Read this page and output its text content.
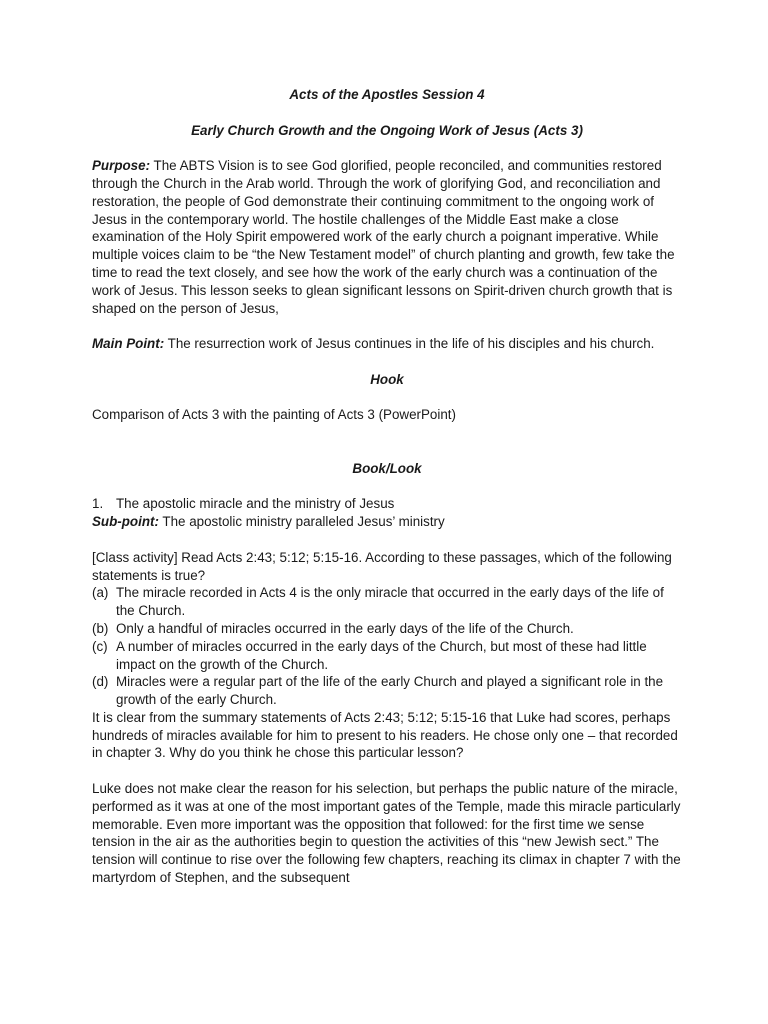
Acts of the Apostles Session 4

Early Church Growth and the Ongoing Work of Jesus (Acts 3)

Purpose: The ABTS Vision is to see God glorified, people reconciled, and communities restored through the Church in the Arab world. Through the work of glorifying God, and reconciliation and restoration, the people of God demonstrate their continuing commitment to the ongoing work of Jesus in the contemporary world. The hostile challenges of the Middle East make a close examination of the Holy Spirit empowered work of the early church a poignant imperative. While multiple voices claim to be “the New Testament model” of church planting and growth, few take the time to read the text closely, and see how the work of the early church was a continuation of the work of Jesus. This lesson seeks to glean significant lessons on Spirit-driven church growth that is shaped on the person of Jesus,

Main Point: The resurrection work of Jesus continues in the life of his disciples and his church.

Hook

Comparison of Acts 3 with the painting of Acts 3 (PowerPoint)

Book/Look

1. The apostolic miracle and the ministry of Jesus

Sub-point: The apostolic ministry paralleled Jesus’ ministry

[Class activity] Read Acts 2:43; 5:12; 5:15-16. According to these passages, which of the following statements is true?

(a) The miracle recorded in Acts 4 is the only miracle that occurred in the early days of the life of the Church.
(b) Only a handful of miracles occurred in the early days of the life of the Church.
(c) A number of miracles occurred in the early days of the Church, but most of these had little impact on the growth of the Church.
(d) Miracles were a regular part of the life of the early Church and played a significant role in the growth of the early Church.

It is clear from the summary statements of Acts 2:43; 5:12; 5:15-16 that Luke had scores, perhaps hundreds of miracles available for him to present to his readers. He chose only one – that recorded in chapter 3. Why do you think he chose this particular lesson?

Luke does not make clear the reason for his selection, but perhaps the public nature of the miracle, performed as it was at one of the most important gates of the Temple, made this miracle particularly memorable. Even more important was the opposition that followed: for the first time we sense tension in the air as the authorities begin to question the activities of this “new Jewish sect.” The tension will continue to rise over the following few chapters, reaching its climax in chapter 7 with the martyrdom of Stephen, and the subsequent
